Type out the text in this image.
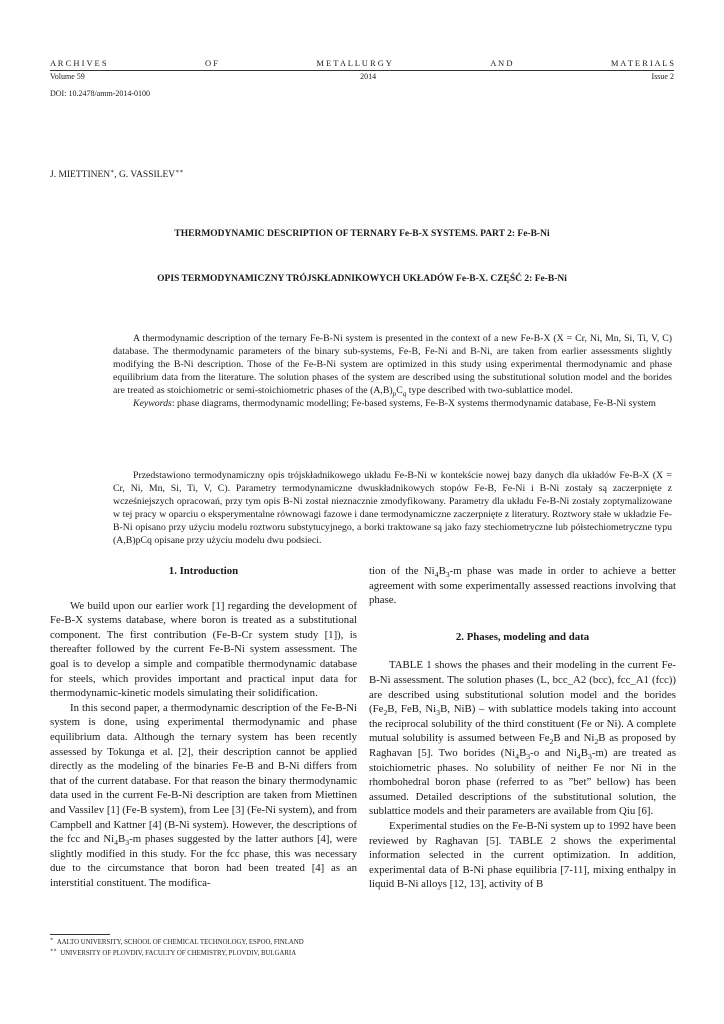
A R C H I V E S	O F	M E T A L L U R G Y	A N D	M A T E R I A L S
Volume 59	2014	Issue 2
DOI: 10.2478/amm-2014-0100
J. MIETTINEN∗, G. VASSILEV∗∗
THERMODYNAMIC DESCRIPTION OF TERNARY Fe-B-X SYSTEMS. PART 2: Fe-B-Ni
OPIS TERMODYNAMICZNY TRÓJSKŁADNIKOWYCH UKŁADÓW Fe-B-X. CZĘŚĆ 2: Fe-B-Ni

A thermodynamic description of the ternary Fe-B-Ni system is presented in the context of a new Fe-B-X (X = Cr, Ni, Mn, Si, Ti, V, C) database. The thermodynamic parameters of the binary sub-systems, Fe-B, Fe-Ni and B-Ni, are taken from earlier assessments slightly modifying the B-Ni description. Those of the Fe-B-Ni system are optimized in this study using experimental thermodynamic and phase equilibrium data from the literature. The solution phases of the system are described using the substitutional solution model and the borides are treated as stoichiometric or semi-stoichiometric phases of the $(A,B)_pC_q$ type described with two-sublattice model.

Keywords: phase diagrams, thermodynamic modelling; Fe-based systems, Fe-B-X systems thermodynamic database, Fe-B-Ni system

Przedstawiono termodynamiczny opis trójskładnikowego układu Fe-B-Ni w kontekście nowej bazy danych dla układów Fe-B-X (X = Cr, Ni, Mn, Si, Ti, V, C). Parametry termodynamiczne dwuskładnikowych stopów Fe-B, Fe-Ni i B-Ni zostały są zaczerpnięte z wcześniejszych opracowań, przy tym opis B-Ni został nieznacznie zmodyfikowany. Parametry dla układu Fe-B-Ni zostały zoptymalizowane w tej pracy w oparciu o eksperymentalne równowagi fazowe i dane termodynamiczne zaczerpnięte z literatury. Roztwory stałe w układzie Fe-B-Ni opisano przy użyciu modelu roztworu substytucyjnego, a borki traktowane są jako fazy stechiometryczne lub półstechiometryczne typu (A,B)pCq opisane przy użyciu modelu dwu podsieci.

1. Introduction

We build upon our earlier work [1] regarding the development of Fe-B-X systems database, where boron is treated as a substitutional component. The first contribution (Fe-B-Cr system study [1]), is thereafter followed by the current Fe-B-Ni system assessment. The goal is to develop a simple and compatible thermodynamic database for steels, which provides important and practical input data for thermodynamic-kinetic models simulating their solidification.

In this second paper, a thermodynamic description of the Fe-B-Ni system is done, using experimental thermodynamic and phase equilibrium data. Although the ternary system has been recently assessed by Tokunga et al. [2], their description cannot be applied directly as the modeling of the binaries Fe-B and B-Ni differs from that of the current database. For that reason the binary thermodynamic data used in the current Fe-B-Ni description are taken from Miettinen and Vassilev [1] (Fe-B system), from Lee [3] (Fe-Ni system), and from Campbell and Kattner [4] (B-Ni system). However, the descriptions of the fcc and $Ni_4B_3-m$ phases suggested by the latter authors [4], were slightly modified in this study. For the fcc phase, this was necessary due to the circumstance that boron had been treated [4] as an interstitial constituent. The modifica-

tion of the $Ni_4B_3-m$ phase was made in order to achieve a better agreement with some experimentally assessed reactions involving that phase.

2. Phases, modeling and data

TABLE 1 shows the phases and their modeling in the current Fe-B-Ni assessment. The solution phases (L, bcc_A2 (bcc), fcc_A1 (fcc)) are described using substitutional solution model and the borides ($Fe_2B$, FeB, $Ni_3B$, NiB) – with sublattice models taking into account the reciprocal solubility of the third constituent (Fe or Ni). A complete mutual solubility is assumed between $Fe_2B$ and $Ni_2B$ as proposed by Raghavan [5]. Two borides ($Ni_4B_3-o$ and $Ni_4B_3-m$) are treated as stoichiometric phases. No solubility of neither Fe nor Ni in the rhombohedral boron phase (referred to as ”bet” bellow) has been assumed. Detailed descriptions of the substitutional solution, the sublattice models and their parameters are available from Qiu [6].

Experimental studies on the Fe-B-Ni system up to 1992 have been reviewed by Raghavan [5]. TABLE 2 shows the experimental information selected in the current optimization. In addition, experimental data of B-Ni phase equilibria [7-11], mixing enthalpy in liquid B-Ni alloys [12, 13], activity of B

∗ AALTO UNIVERSITY, SCHOOL OF CHEMICAL TECHNOLOGY, ESPOO, FINLAND
∗∗ UNIVERSITY OF PLOVDIV, FACULTY OF CHEMISTRY, PLOVDIV, BULGARIA
